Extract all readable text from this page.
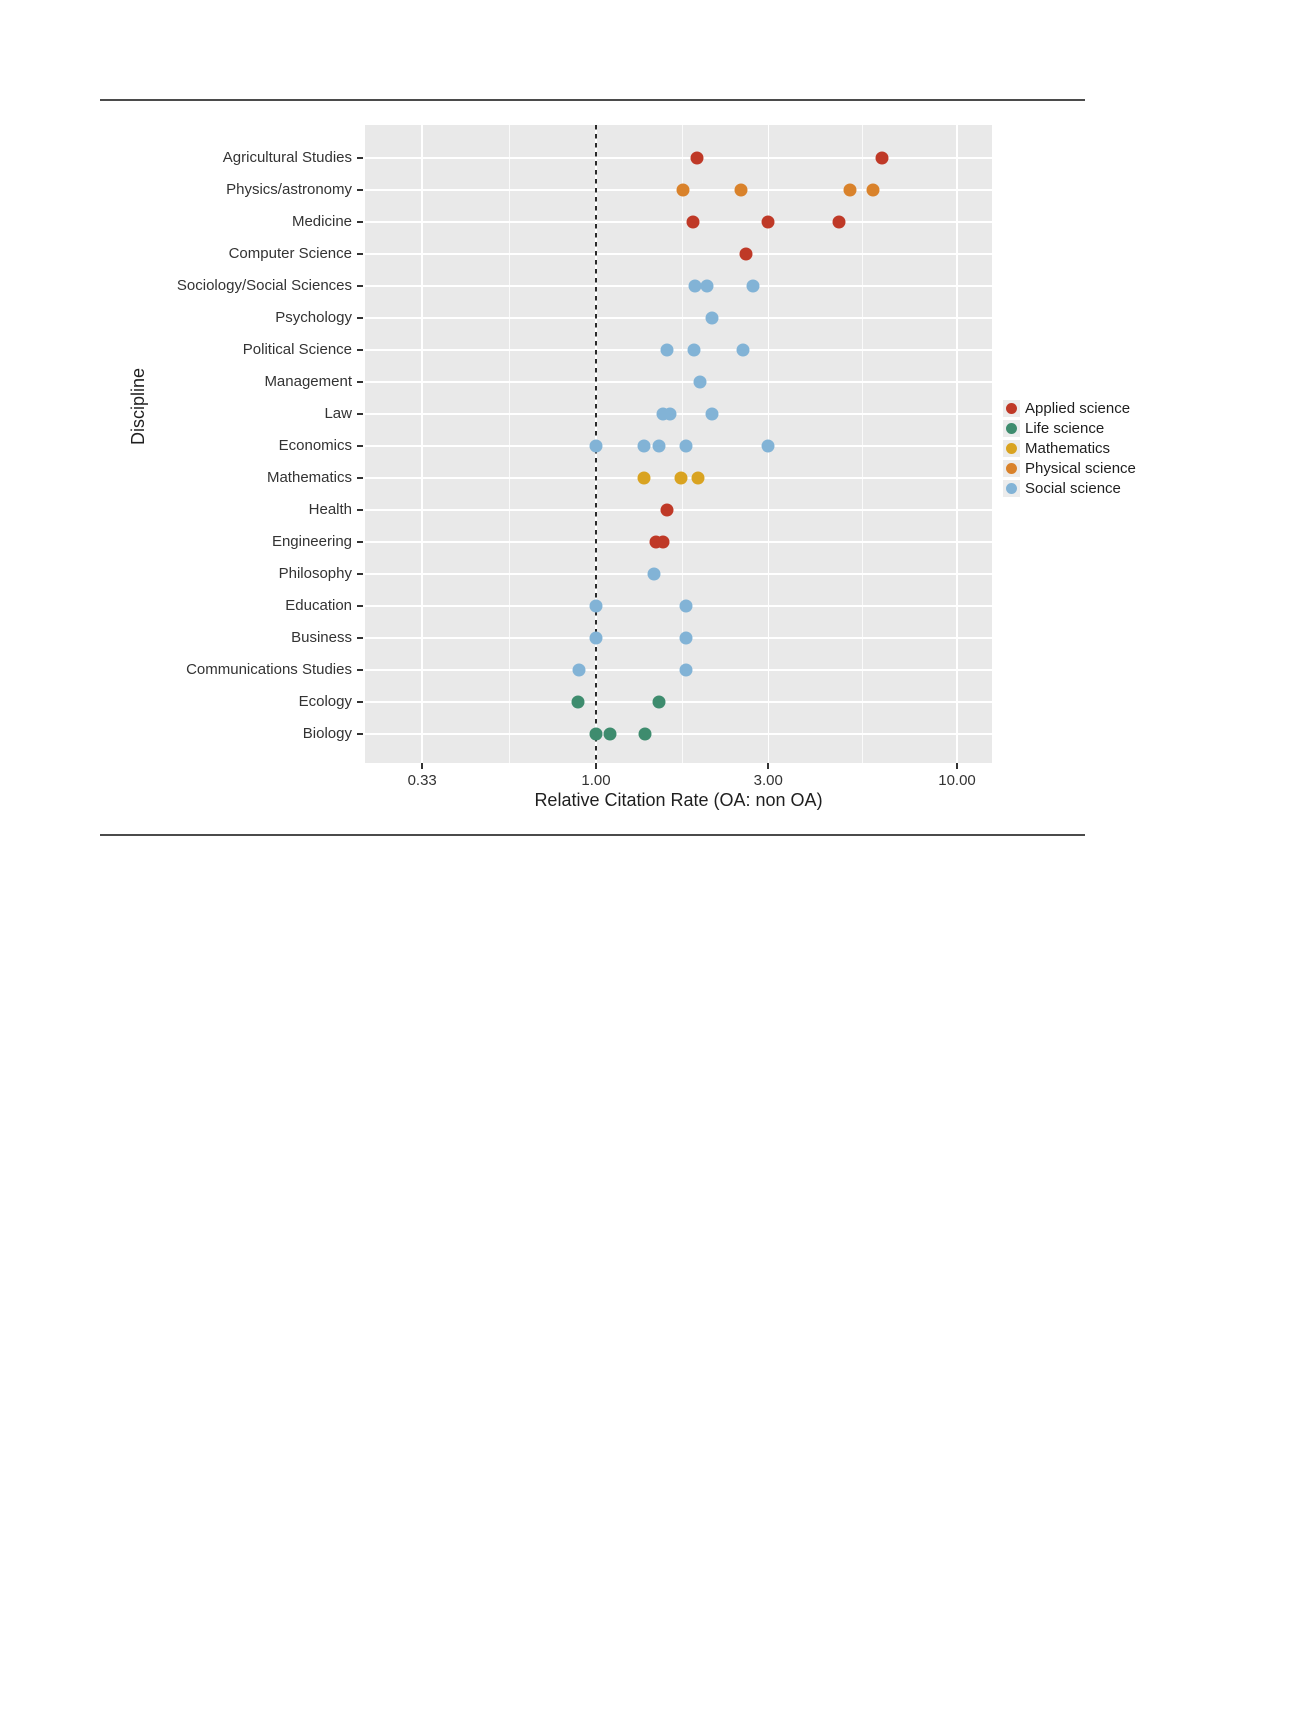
Agricultural Studies
Physics/astronomy
Medicine
Computer Science
Sociology/Social Sciences
Psychology
Political Science
Management
Law
Economics
Mathematics
Health
Engineering
Philosophy
Education
Business
Communications Studies
Ecology
Biology
0.33	1.00	3.00	10.00
Discipline
Relative Citation Rate (OA: non OA)
Applied science
Life science
Mathematics
Physical science
Social science
